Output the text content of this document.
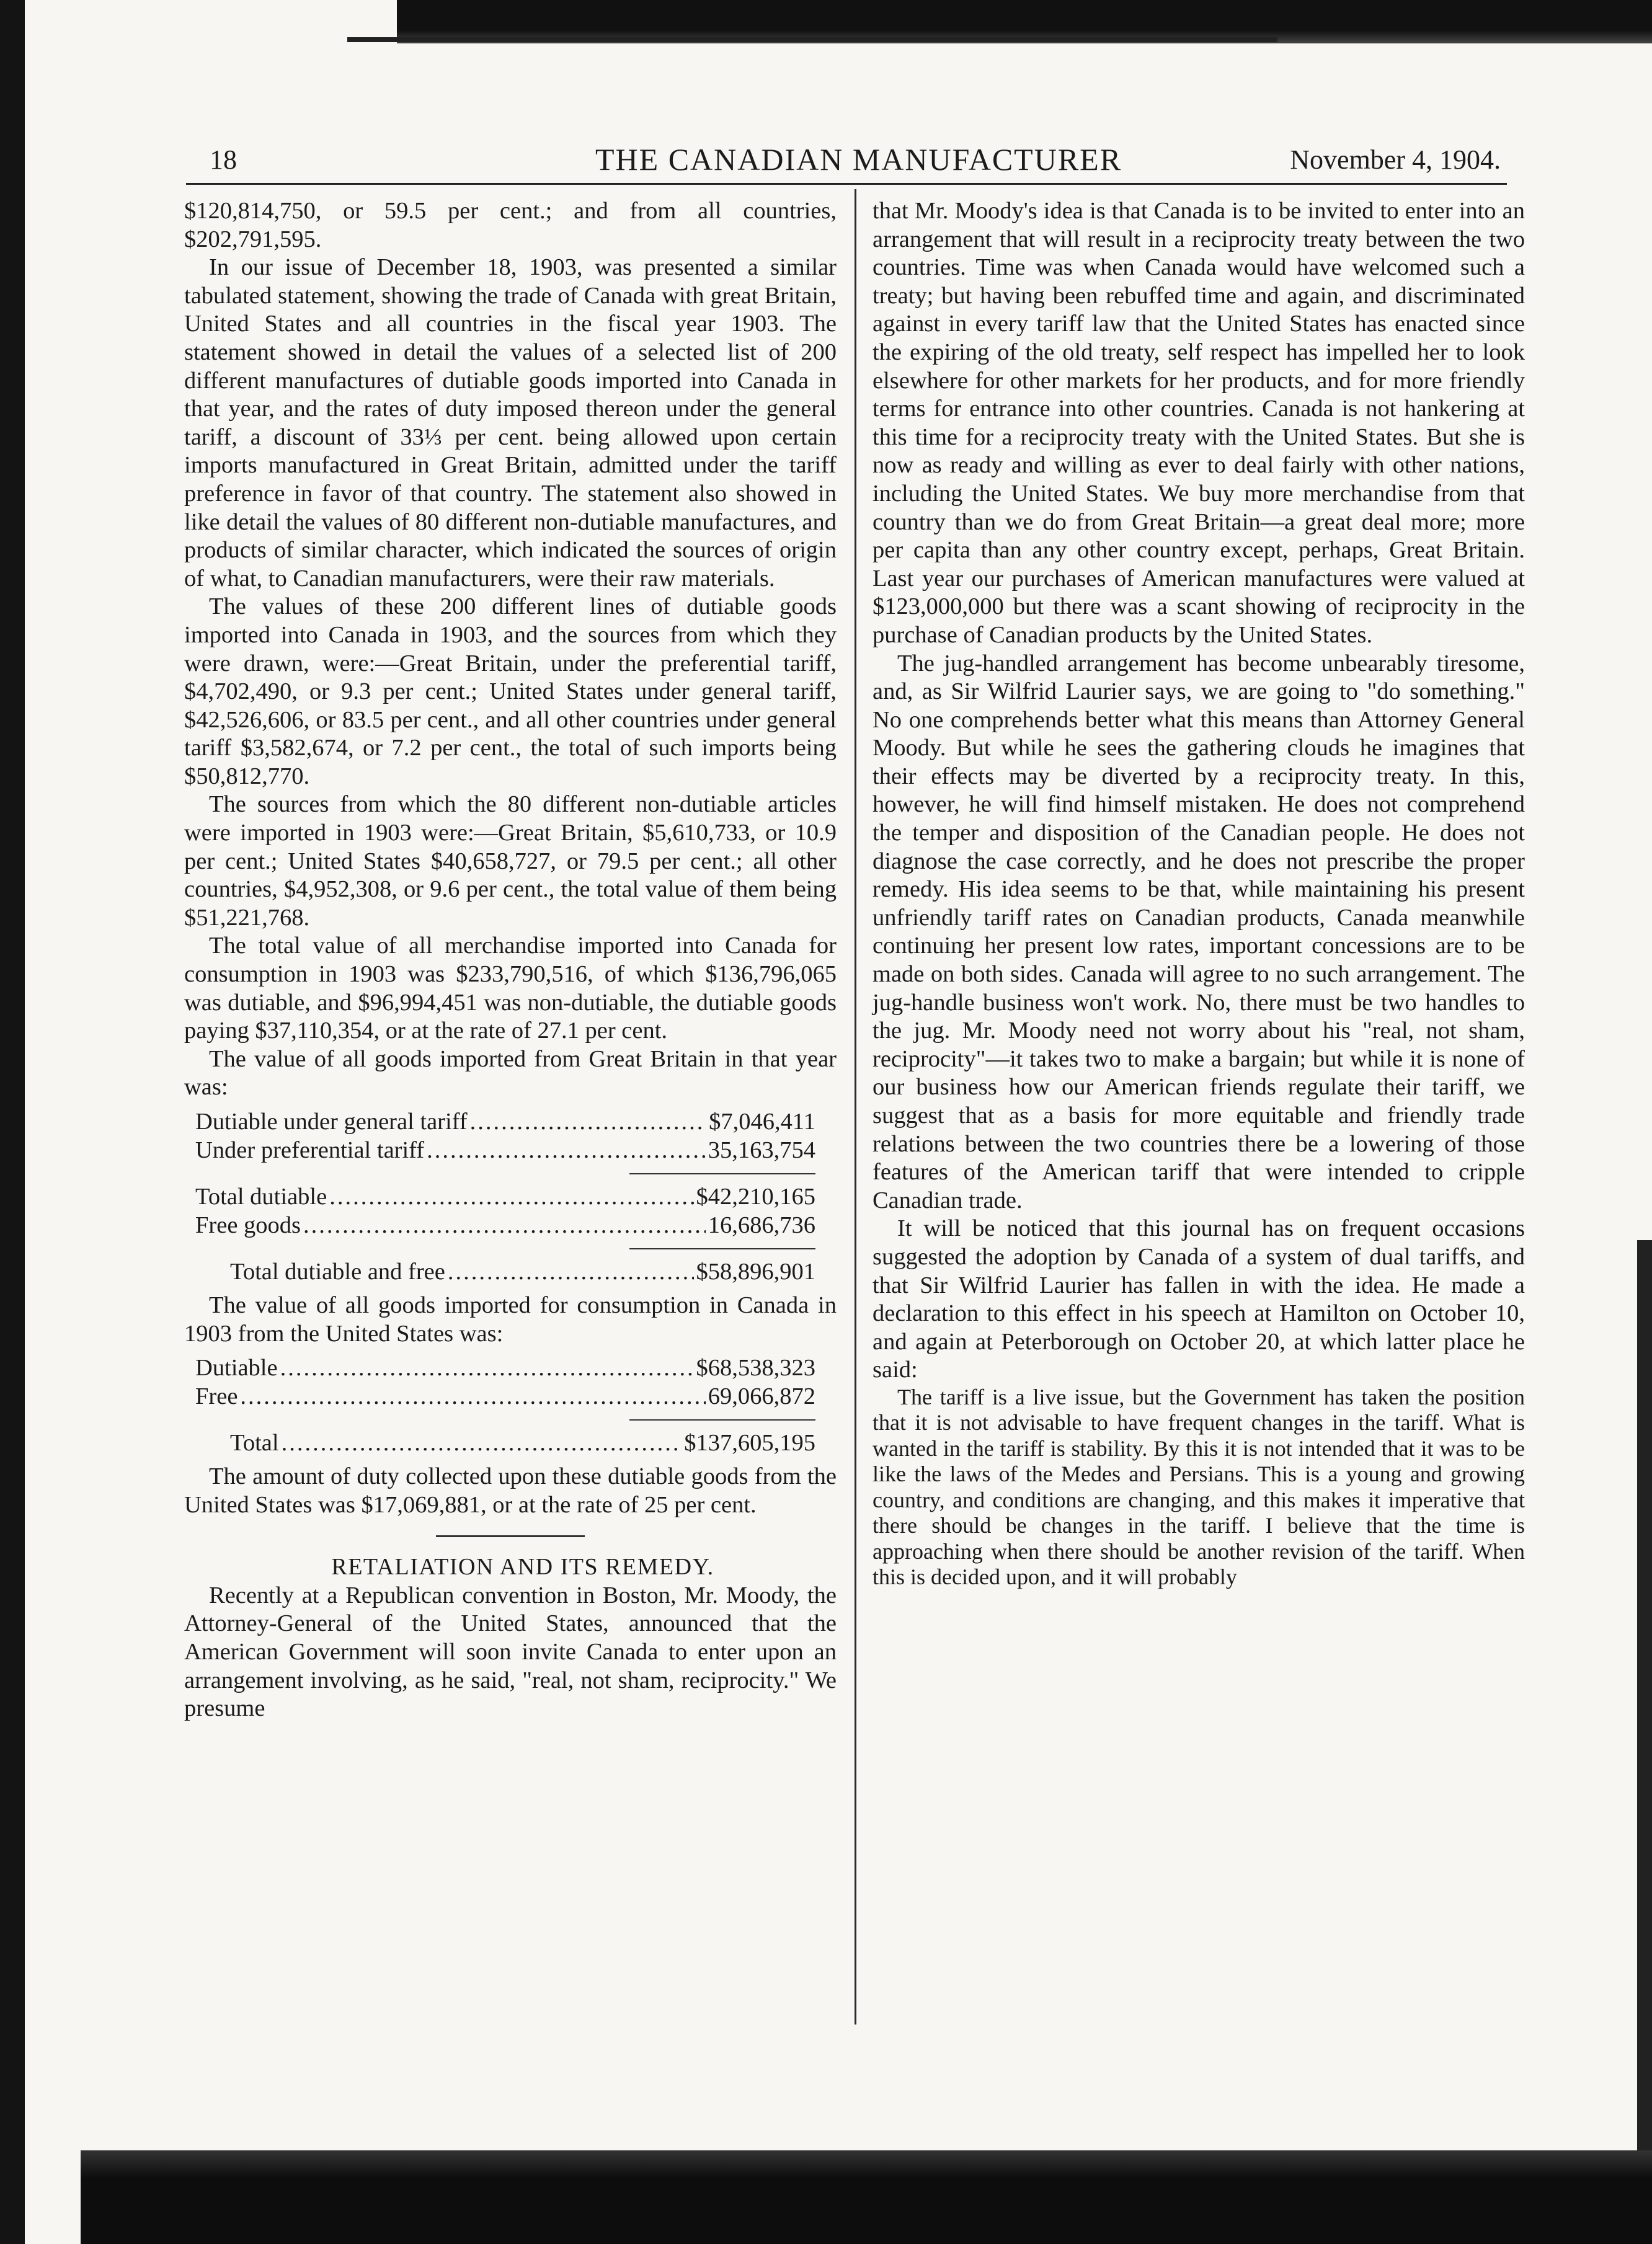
18	THE CANADIAN MANUFACTURER	November 4, 1904.

$120,814,750, or 59.5 per cent.; and from all countries, $202,791,595.

In our issue of December 18, 1903, was presented a similar tabulated statement, showing the trade of Canada with great Britain, United States and all countries in the fiscal year 1903. The statement showed in detail the values of a selected list of 200 different manufactures of dutiable goods imported into Canada in that year, and the rates of duty imposed thereon under the general tariff, a discount of 33⅓ per cent. being allowed upon certain imports manufactured in Great Britain, admitted under the tariff preference in favor of that country. The statement also showed in like detail the values of 80 different non-dutiable manufactures, and products of similar character, which indicated the sources of origin of what, to Canadian manufacturers, were their raw materials.

The values of these 200 different lines of dutiable goods imported into Canada in 1903, and the sources from which they were drawn, were:—Great Britain, under the preferential tariff, $4,702,490, or 9.3 per cent.; United States under general tariff, $42,526,606, or 83.5 per cent., and all other countries under general tariff $3,582,674, or 7.2 per cent., the total of such imports being $50,812,770.

The sources from which the 80 different non-dutiable articles were imported in 1903 were:—Great Britain, $5,610,733, or 10.9 per cent.; United States $40,658,727, or 79.5 per cent.; all other countries, $4,952,308, or 9.6 per cent., the total value of them being $51,221,768.

The total value of all merchandise imported into Canada for consumption in 1903 was $233,790,516, of which $136,796,065 was dutiable, and $96,994,451 was non-dutiable, the dutiable goods paying $37,110,354, or at the rate of 27.1 per cent.

The value of all goods imported from Great Britain in that year was:

Dutiable under general tariff .....	$7,046,411
Under preferential tariff .....	35,163,754
Total dutiable .....	$42,210,165
Free goods .....	16,686,736
Total dutiable and free .....	$58,896,901

The value of all goods imported for consumption in Canada in 1903 from the United States was:

Dutiable .....	$68,538,323
Free .....	69,066,872
Total .....	$137,605,195

The amount of duty collected upon these dutiable goods from the United States was $17,069,881, or at the rate of 25 per cent.

RETALIATION AND ITS REMEDY.

Recently at a Republican convention in Boston, Mr. Moody, the Attorney-General of the United States, announced that the American Government will soon invite Canada to enter upon an arrangement involving, as he said, "real, not sham, reciprocity." We presume

that Mr. Moody's idea is that Canada is to be invited to enter into an arrangement that will result in a reciprocity treaty between the two countries. Time was when Canada would have welcomed such a treaty; but having been rebuffed time and again, and discriminated against in every tariff law that the United States has enacted since the expiring of the old treaty, self respect has impelled her to look elsewhere for other markets for her products, and for more friendly terms for entrance into other countries. Canada is not hankering at this time for a reciprocity treaty with the United States. But she is now as ready and willing as ever to deal fairly with other nations, including the United States. We buy more merchandise from that country than we do from Great Britain—a great deal more; more per capita than any other country except, perhaps, Great Britain. Last year our purchases of American manufactures were valued at $123,000,000 but there was a scant showing of reciprocity in the purchase of Canadian products by the United States.

The jug-handled arrangement has become unbearably tiresome, and, as Sir Wilfrid Laurier says, we are going to "do something." No one comprehends better what this means than Attorney General Moody. But while he sees the gathering clouds he imagines that their effects may be diverted by a reciprocity treaty. In this, however, he will find himself mistaken. He does not comprehend the temper and disposition of the Canadian people. He does not diagnose the case correctly, and he does not prescribe the proper remedy. His idea seems to be that, while maintaining his present unfriendly tariff rates on Canadian products, Canada meanwhile continuing her present low rates, important concessions are to be made on both sides. Canada will agree to no such arrangement. The jug-handle business won't work. No, there must be two handles to the jug. Mr. Moody need not worry about his "real, not sham, reciprocity"—it takes two to make a bargain; but while it is none of our business how our American friends regulate their tariff, we suggest that as a basis for more equitable and friendly trade relations between the two countries there be a lowering of those features of the American tariff that were intended to cripple Canadian trade.

It will be noticed that this journal has on frequent occasions suggested the adoption by Canada of a system of dual tariffs, and that Sir Wilfrid Laurier has fallen in with the idea. He made a declaration to this effect in his speech at Hamilton on October 10, and again at Peterborough on October 20, at which latter place he said:

The tariff is a live issue, but the Government has taken the position that it is not advisable to have frequent changes in the tariff. What is wanted in the tariff is stability. By this it is not intended that it was to be like the laws of the Medes and Persians. This is a young and growing country, and conditions are changing, and this makes it imperative that there should be changes in the tariff. I believe that the time is approaching when there should be another revision of the tariff. When this is decided upon, and it will probably
